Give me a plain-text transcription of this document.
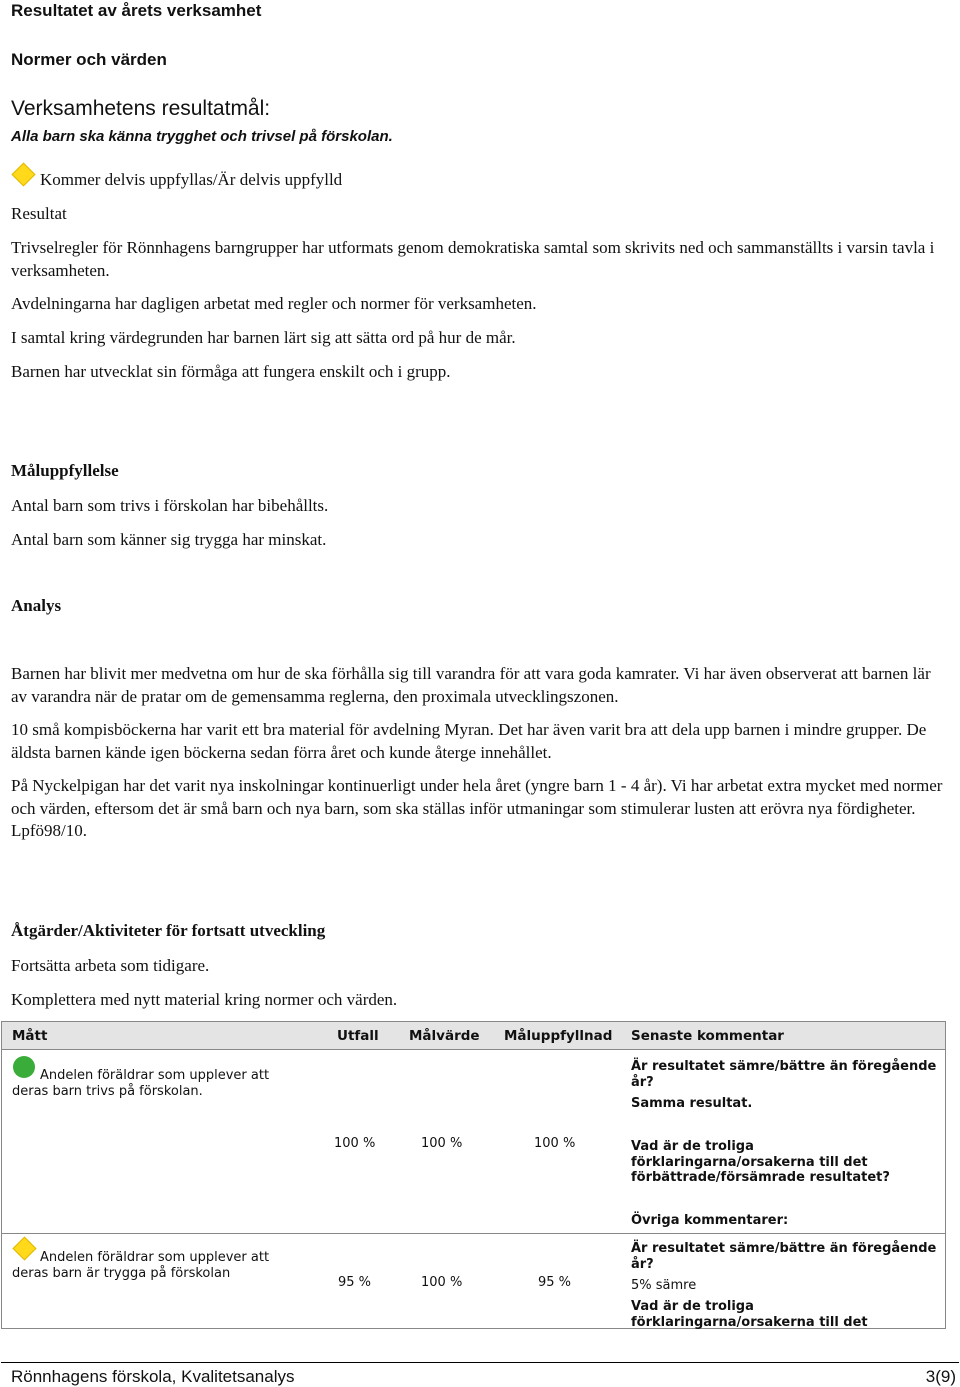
Resultatet av årets verksamhet
Normer och värden
Verksamhetens resultatmål:
Alla barn ska känna trygghet och trivsel på förskolan.
Kommer delvis uppfyllas/Är delvis uppfylld
Resultat
Trivselregler för Rönnhagens barngrupper har utformats genom demokratiska samtal som skrivits ned och sammanställts i varsin tavla i verksamheten.
Avdelningarna har dagligen arbetat med regler och normer för verksamheten.
I samtal kring värdegrunden har barnen lärt sig att sätta ord på hur de mår.
Barnen har utvecklat sin förmåga att fungera enskilt och i grupp.
Måluppfyllelse
Antal barn som trivs i förskolan har bibehållts.
Antal barn som känner sig trygga har minskat.
Analys
Barnen har blivit mer medvetna om hur de ska förhålla sig till varandra för att vara goda kamrater. Vi har även observerat att barnen lär av varandra när de pratar om de gemensamma reglerna, den proximala utvecklingszonen.
10 små kompisböckerna har varit ett bra material för avdelning Myran. Det har även varit bra att dela upp barnen i mindre grupper. De äldsta barnen kände igen böckerna sedan förra året och kunde återge innehållet.
På Nyckelpigan har det varit nya inskolningar kontinuerligt under hela året (yngre barn 1 - 4 år). Vi har arbetat extra mycket med normer och värden, eftersom det är små barn och nya barn, som ska ställas inför utmaningar som stimulerar lusten att erövra nya fördigheter. Lpfö98/10.
Åtgärder/Aktiviteter för fortsatt utveckling
Fortsätta arbeta som tidigare.
Komplettera med nytt material kring normer och värden.
Mått	Utfall Målvärde Måluppfyllnad Senaste kommentar
Andelen föräldrar som upplever att deras barn trivs på förskolan.
100 %	100 %	100 %
Är resultatet sämre/bättre än föregående år?
Samma resultat.
Vad är de troliga förklaringarna/orsakerna till det förbättrade/försämrade resultatet?
Övriga kommentarer:
Andelen föräldrar som upplever att deras barn är trygga på förskolan
95 %	100 %	95 %
Är resultatet sämre/bättre än föregående år?
5% sämre
Vad är de troliga förklaringarna/orsakerna till det
Rönnhagens förskola, Kvalitetsanalys	3(9)
